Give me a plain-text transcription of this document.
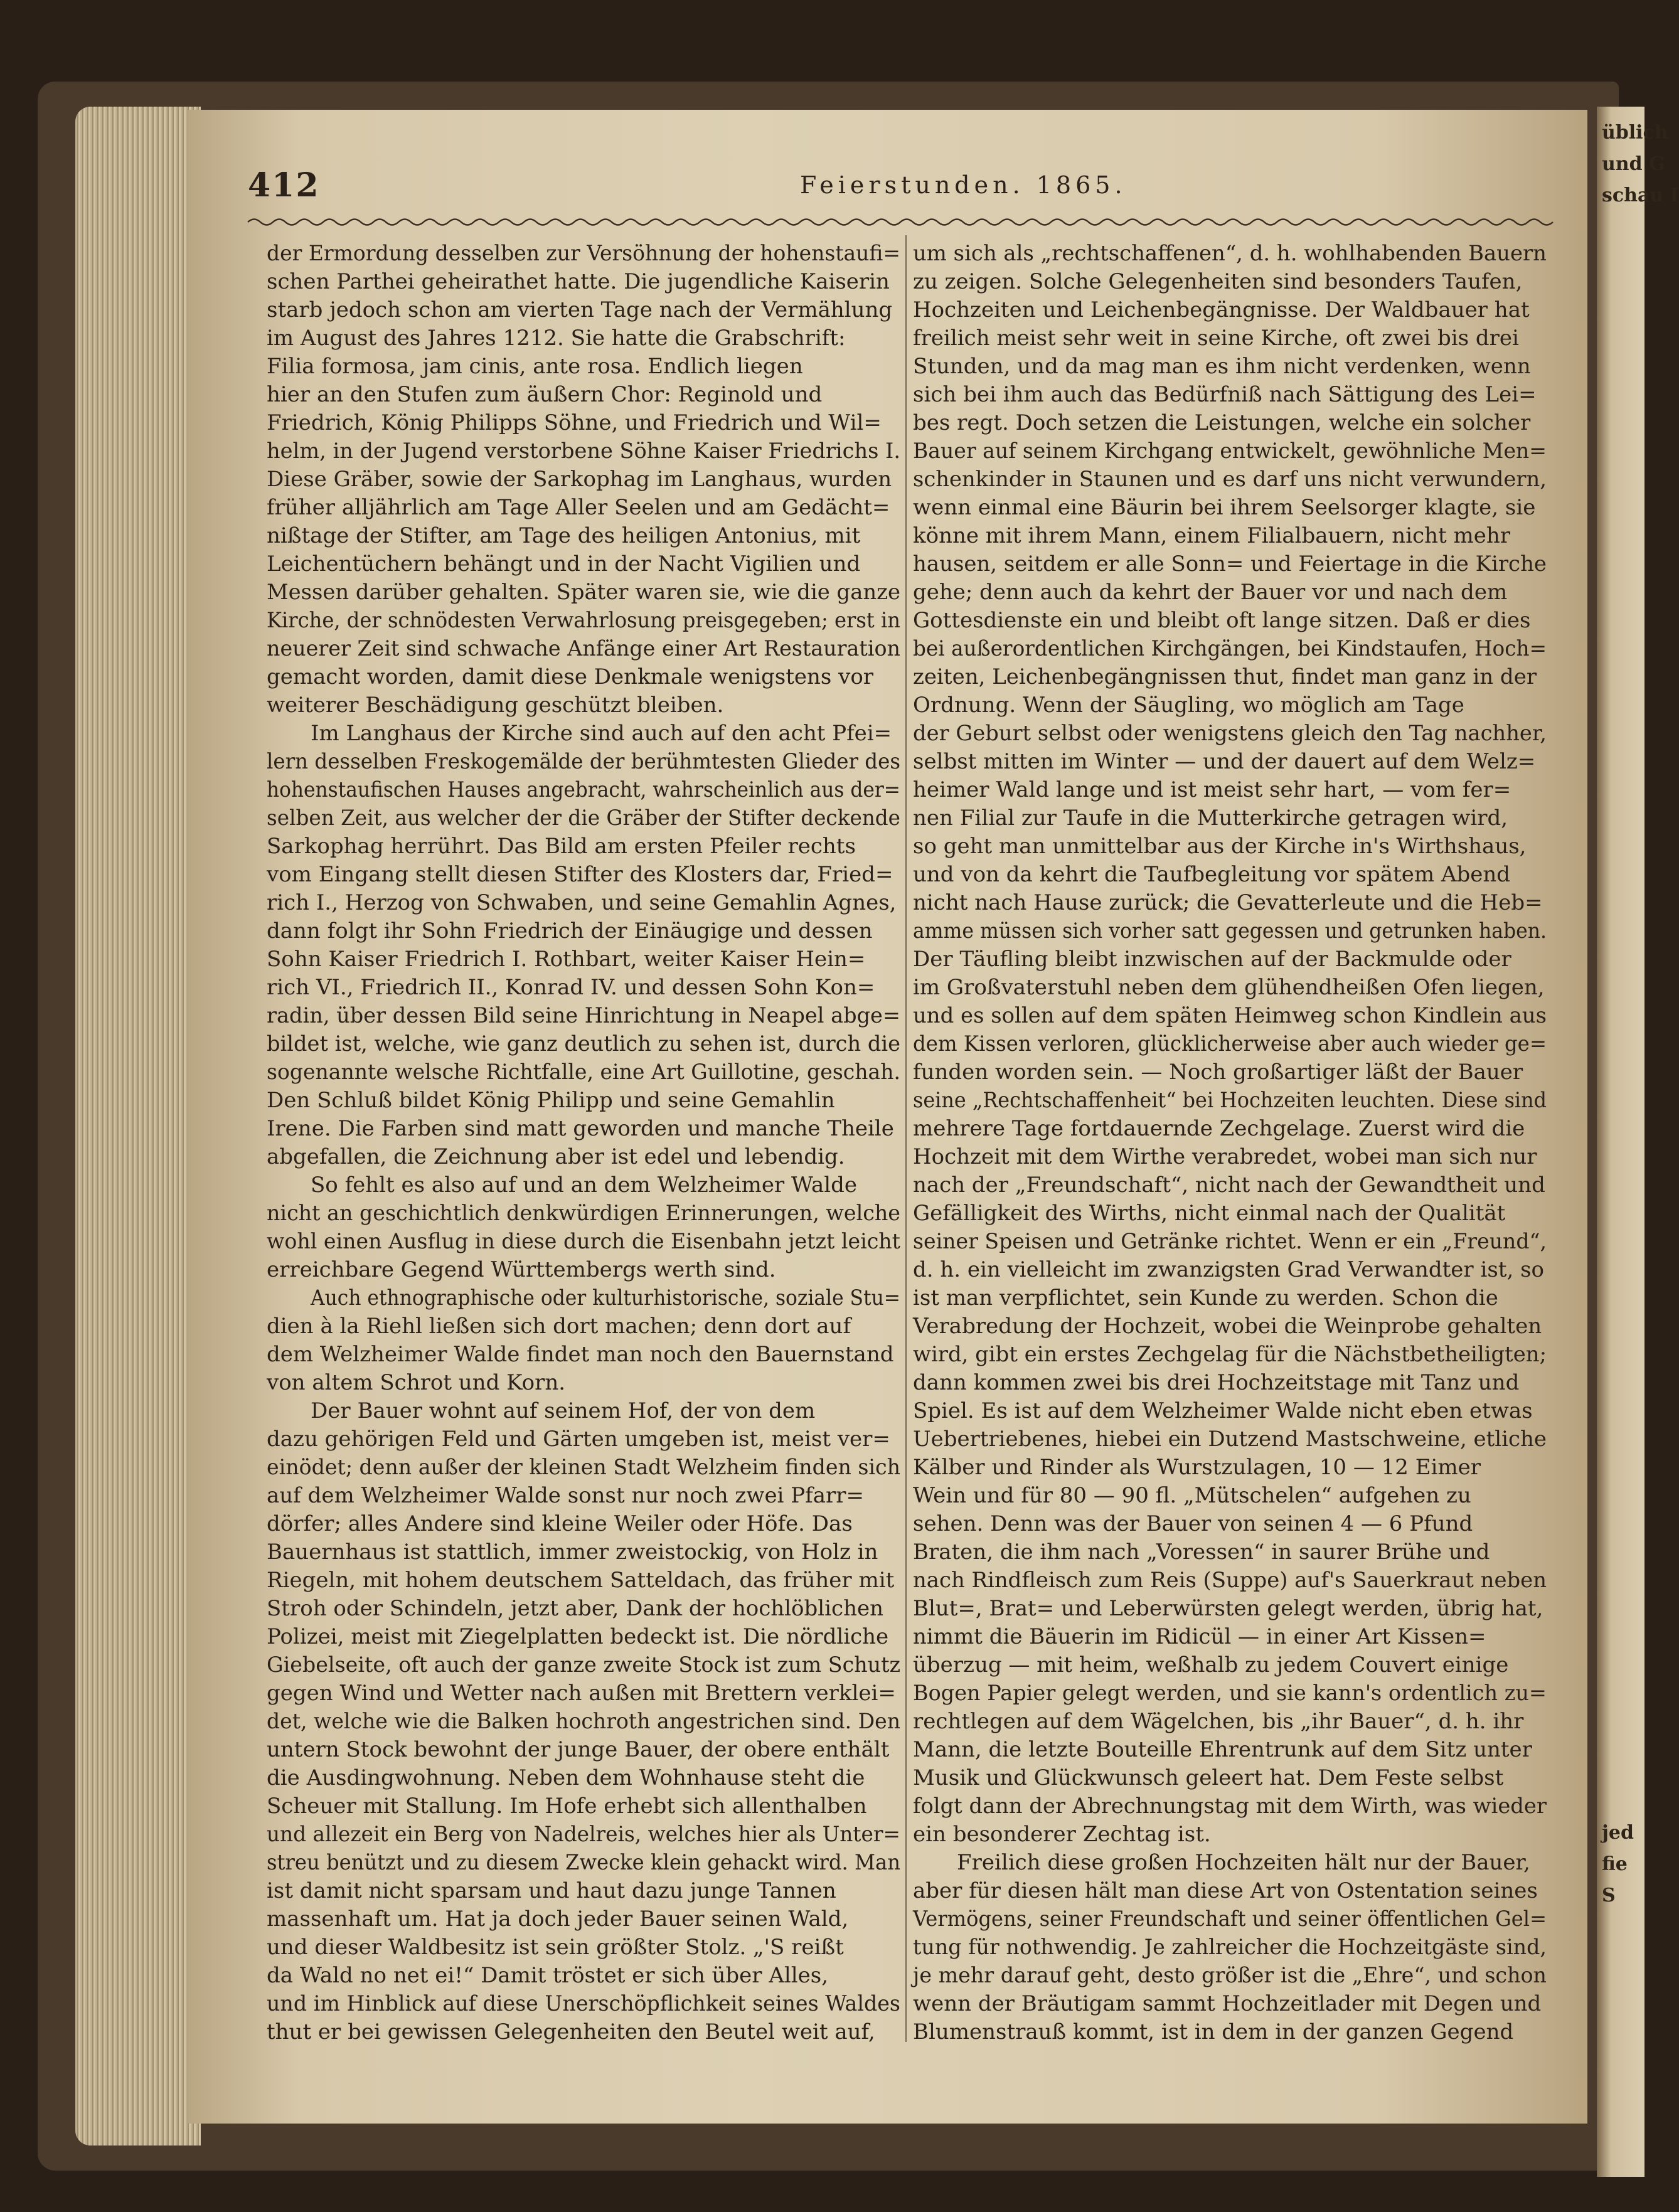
üblich
und G
schau I
jed
fie
S
412	Feierstunden. 1865.
der Ermordung desselben zur Versöhnung der hohenstaufi=
schen Parthei geheirathet hatte. Die jugendliche Kaiserin
starb jedoch schon am vierten Tage nach der Vermählung
im August des Jahres 1212. Sie hatte die Grabschrift:
Filia formosa, jam cinis, ante rosa. Endlich liegen
hier an den Stufen zum äußern Chor: Reginold und
Friedrich, König Philipps Söhne, und Friedrich und Wil=
helm, in der Jugend verstorbene Söhne Kaiser Friedrichs I.
Diese Gräber, sowie der Sarkophag im Langhaus, wurden
früher alljährlich am Tage Aller Seelen und am Gedächt=
nißtage der Stifter, am Tage des heiligen Antonius, mit
Leichentüchern behängt und in der Nacht Vigilien und
Messen darüber gehalten. Später waren sie, wie die ganze
Kirche, der schnödesten Verwahrlosung preisgegeben; erst in
neuerer Zeit sind schwache Anfänge einer Art Restauration
gemacht worden, damit diese Denkmale wenigstens vor
weiterer Beschädigung geschützt bleiben.
Im Langhaus der Kirche sind auch auf den acht Pfei=
lern desselben Freskogemälde der berühmtesten Glieder des
hohenstaufischen Hauses angebracht, wahrscheinlich aus der=
selben Zeit, aus welcher der die Gräber der Stifter deckende
Sarkophag herrührt. Das Bild am ersten Pfeiler rechts
vom Eingang stellt diesen Stifter des Klosters dar, Fried=
rich I., Herzog von Schwaben, und seine Gemahlin Agnes,
dann folgt ihr Sohn Friedrich der Einäugige und dessen
Sohn Kaiser Friedrich I. Rothbart, weiter Kaiser Hein=
rich VI., Friedrich II., Konrad IV. und dessen Sohn Kon=
radin, über dessen Bild seine Hinrichtung in Neapel abge=
bildet ist, welche, wie ganz deutlich zu sehen ist, durch die
sogenannte welsche Richtfalle, eine Art Guillotine, geschah.
Den Schluß bildet König Philipp und seine Gemahlin
Irene. Die Farben sind matt geworden und manche Theile
abgefallen, die Zeichnung aber ist edel und lebendig.
So fehlt es also auf und an dem Welzheimer Walde
nicht an geschichtlich denkwürdigen Erinnerungen, welche
wohl einen Ausflug in diese durch die Eisenbahn jetzt leicht
erreichbare Gegend Württembergs werth sind.
Auch ethnographische oder kulturhistorische, soziale Stu=
dien à la Riehl ließen sich dort machen; denn dort auf
dem Welzheimer Walde findet man noch den Bauernstand
von altem Schrot und Korn.
Der Bauer wohnt auf seinem Hof, der von dem
dazu gehörigen Feld und Gärten umgeben ist, meist ver=
einödet; denn außer der kleinen Stadt Welzheim finden sich
auf dem Welzheimer Walde sonst nur noch zwei Pfarr=
dörfer; alles Andere sind kleine Weiler oder Höfe. Das
Bauernhaus ist stattlich, immer zweistockig, von Holz in
Riegeln, mit hohem deutschem Satteldach, das früher mit
Stroh oder Schindeln, jetzt aber, Dank der hochlöblichen
Polizei, meist mit Ziegelplatten bedeckt ist. Die nördliche
Giebelseite, oft auch der ganze zweite Stock ist zum Schutz
gegen Wind und Wetter nach außen mit Brettern verklei=
det, welche wie die Balken hochroth angestrichen sind. Den
untern Stock bewohnt der junge Bauer, der obere enthält
die Ausdingwohnung. Neben dem Wohnhause steht die
Scheuer mit Stallung. Im Hofe erhebt sich allenthalben
und allezeit ein Berg von Nadelreis, welches hier als Unter=
streu benützt und zu diesem Zwecke klein gehackt wird. Man
ist damit nicht sparsam und haut dazu junge Tannen
massenhaft um. Hat ja doch jeder Bauer seinen Wald,
und dieser Waldbesitz ist sein größter Stolz. „'S reißt
da Wald no net ei!“ Damit tröstet er sich über Alles,
und im Hinblick auf diese Unerschöpflichkeit seines Waldes
thut er bei gewissen Gelegenheiten den Beutel weit auf,
um sich als „rechtschaffenen“, d. h. wohlhabenden Bauern
zu zeigen. Solche Gelegenheiten sind besonders Taufen,
Hochzeiten und Leichenbegängnisse. Der Waldbauer hat
freilich meist sehr weit in seine Kirche, oft zwei bis drei
Stunden, und da mag man es ihm nicht verdenken, wenn
sich bei ihm auch das Bedürfniß nach Sättigung des Lei=
bes regt. Doch setzen die Leistungen, welche ein solcher
Bauer auf seinem Kirchgang entwickelt, gewöhnliche Men=
schenkinder in Staunen und es darf uns nicht verwundern,
wenn einmal eine Bäurin bei ihrem Seelsorger klagte, sie
könne mit ihrem Mann, einem Filialbauern, nicht mehr
hausen, seitdem er alle Sonn= und Feiertage in die Kirche
gehe; denn auch da kehrt der Bauer vor und nach dem
Gottesdienste ein und bleibt oft lange sitzen. Daß er dies
bei außerordentlichen Kirchgängen, bei Kindstaufen, Hoch=
zeiten, Leichenbegängnissen thut, findet man ganz in der
Ordnung. Wenn der Säugling, wo möglich am Tage
der Geburt selbst oder wenigstens gleich den Tag nachher,
selbst mitten im Winter — und der dauert auf dem Welz=
heimer Wald lange und ist meist sehr hart, — vom fer=
nen Filial zur Taufe in die Mutterkirche getragen wird,
so geht man unmittelbar aus der Kirche in's Wirthshaus,
und von da kehrt die Taufbegleitung vor spätem Abend
nicht nach Hause zurück; die Gevatterleute und die Heb=
amme müssen sich vorher satt gegessen und getrunken haben.
Der Täufling bleibt inzwischen auf der Backmulde oder
im Großvaterstuhl neben dem glühendheißen Ofen liegen,
und es sollen auf dem späten Heimweg schon Kindlein aus
dem Kissen verloren, glücklicherweise aber auch wieder ge=
funden worden sein. — Noch großartiger läßt der Bauer
seine „Rechtschaffenheit“ bei Hochzeiten leuchten. Diese sind
mehrere Tage fortdauernde Zechgelage. Zuerst wird die
Hochzeit mit dem Wirthe verabredet, wobei man sich nur
nach der „Freundschaft“, nicht nach der Gewandtheit und
Gefälligkeit des Wirths, nicht einmal nach der Qualität
seiner Speisen und Getränke richtet. Wenn er ein „Freund“,
d. h. ein vielleicht im zwanzigsten Grad Verwandter ist, so
ist man verpflichtet, sein Kunde zu werden. Schon die
Verabredung der Hochzeit, wobei die Weinprobe gehalten
wird, gibt ein erstes Zechgelag für die Nächstbetheiligten;
dann kommen zwei bis drei Hochzeitstage mit Tanz und
Spiel. Es ist auf dem Welzheimer Walde nicht eben etwas
Uebertriebenes, hiebei ein Dutzend Mastschweine, etliche
Kälber und Rinder als Wurstzulagen, 10 — 12 Eimer
Wein und für 80 — 90 fl. „Mütschelen“ aufgehen zu
sehen. Denn was der Bauer von seinen 4 — 6 Pfund
Braten, die ihm nach „Voressen“ in saurer Brühe und
nach Rindfleisch zum Reis (Suppe) auf's Sauerkraut neben
Blut=, Brat= und Leberwürsten gelegt werden, übrig hat,
nimmt die Bäuerin im Ridicül — in einer Art Kissen=
überzug — mit heim, weßhalb zu jedem Couvert einige
Bogen Papier gelegt werden, und sie kann's ordentlich zu=
rechtlegen auf dem Wägelchen, bis „ihr Bauer“, d. h. ihr
Mann, die letzte Bouteille Ehrentrunk auf dem Sitz unter
Musik und Glückwunsch geleert hat. Dem Feste selbst
folgt dann der Abrechnungstag mit dem Wirth, was wieder
ein besonderer Zechtag ist.
Freilich diese großen Hochzeiten hält nur der Bauer,
aber für diesen hält man diese Art von Ostentation seines
Vermögens, seiner Freundschaft und seiner öffentlichen Gel=
tung für nothwendig. Je zahlreicher die Hochzeitgäste sind,
je mehr darauf geht, desto größer ist die „Ehre“, und schon
wenn der Bräutigam sammt Hochzeitlader mit Degen und
Blumenstrauß kommt, ist in dem in der ganzen Gegend
